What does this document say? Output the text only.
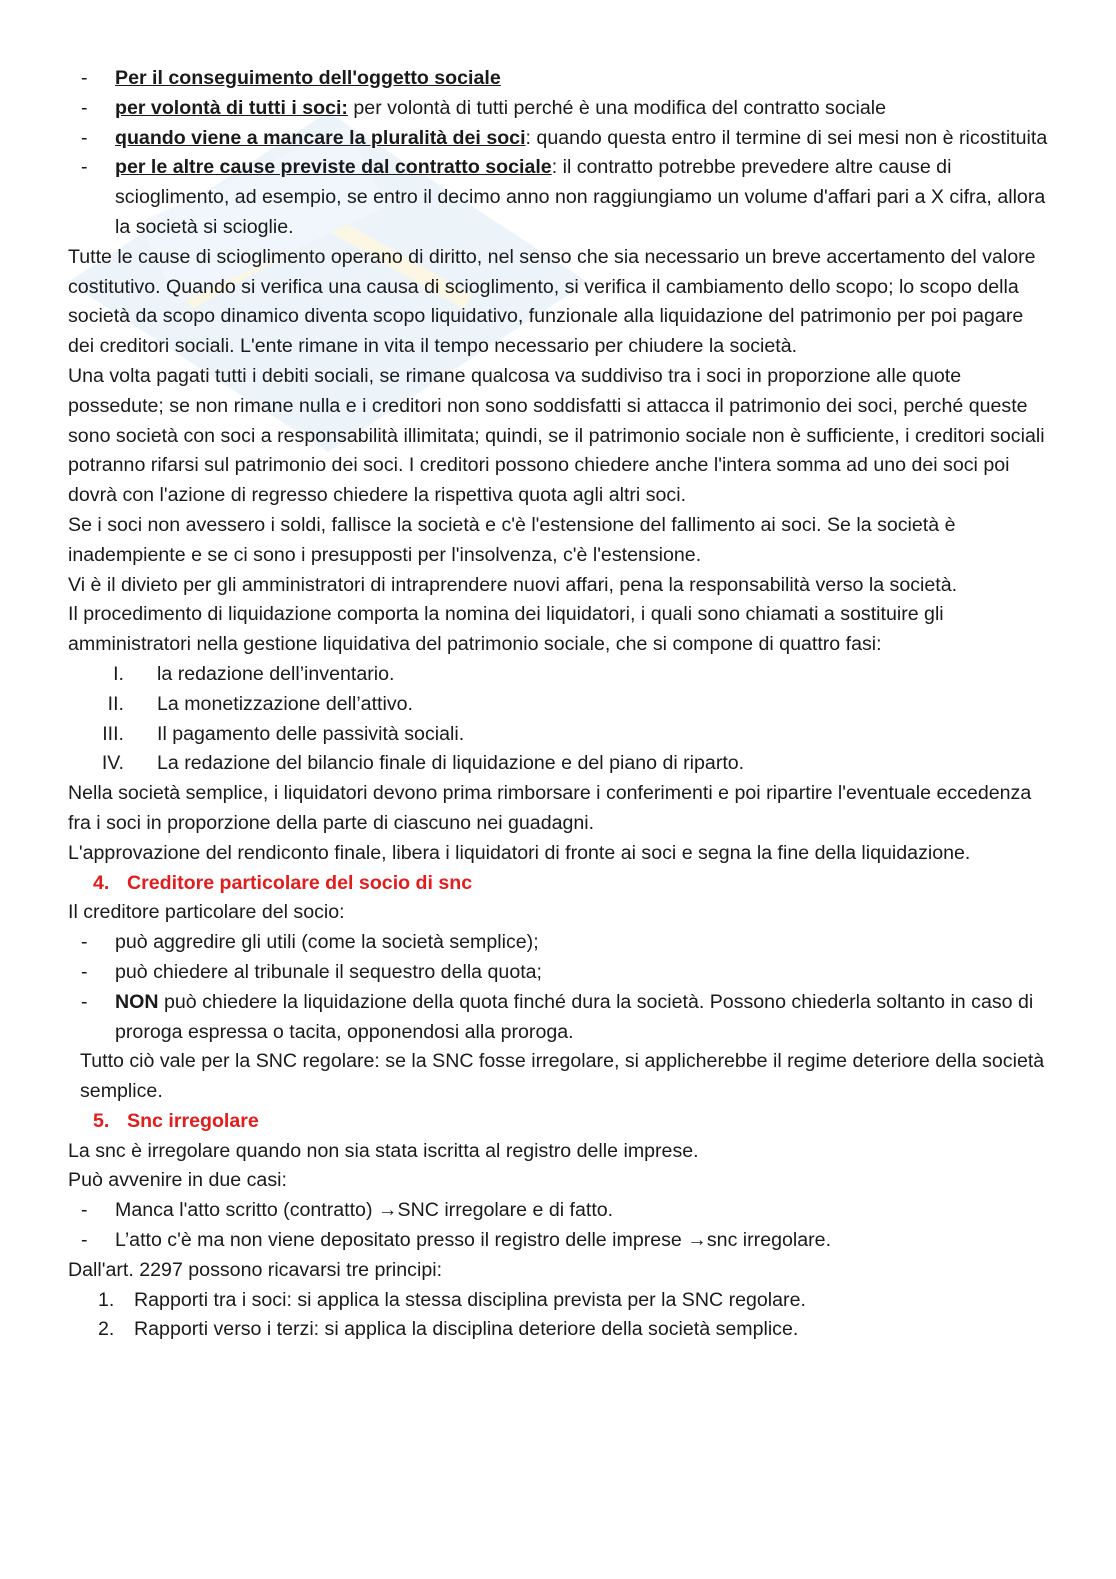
-	Per il conseguimento dell'oggetto sociale
-	per volontà di tutti i soci: per volontà di tutti perché è una modifica del contratto sociale
-	quando viene a mancare la pluralità dei soci: quando questa entro il termine di sei mesi non è ricostituita
-	per le altre cause previste dal contratto sociale: il contratto potrebbe prevedere altre cause di scioglimento, ad esempio, se entro il decimo anno non raggiungiamo un volume d'affari pari a X cifra, allora la società si scioglie.

Tutte le cause di scioglimento operano di diritto, nel senso che sia necessario un breve accertamento del valore costitutivo. Quando si verifica una causa di scioglimento, si verifica il cambiamento dello scopo; lo scopo della società da scopo dinamico diventa scopo liquidativo, funzionale alla liquidazione del patrimonio per poi pagare dei creditori sociali. L'ente rimane in vita il tempo necessario per chiudere la società.

Una volta pagati tutti i debiti sociali, se rimane qualcosa va suddiviso tra i soci in proporzione alle quote possedute; se non rimane nulla e i creditori non sono soddisfatti si attacca il patrimonio dei soci, perché queste sono società con soci a responsabilità illimitata; quindi, se il patrimonio sociale non è sufficiente, i creditori sociali potranno rifarsi sul patrimonio dei soci. I creditori possono chiedere anche l'intera somma ad uno dei soci poi dovrà con l'azione di regresso chiedere la rispettiva quota agli altri soci.

Se i soci non avessero i soldi, fallisce la società e c'è l'estensione del fallimento ai soci. Se la società è inadempiente e se ci sono i presupposti per l'insolvenza, c'è l'estensione.

Vi è il divieto per gli amministratori di intraprendere nuovi affari, pena la responsabilità verso la società.

Il procedimento di liquidazione comporta la nomina dei liquidatori, i quali sono chiamati a sostituire gli amministratori nella gestione liquidativa del patrimonio sociale, che si compone di quattro fasi:

I.	la redazione dell’inventario.
II.	La monetizzazione dell’attivo.
III.	Il pagamento delle passività sociali.
IV.	La redazione del bilancio finale di liquidazione e del piano di riparto.

Nella società semplice, i liquidatori devono prima rimborsare i conferimenti e poi ripartire l'eventuale eccedenza fra i soci in proporzione della parte di ciascuno nei guadagni.

L'approvazione del rendiconto finale, libera i liquidatori di fronte ai soci e segna la fine della liquidazione.

4. Creditore particolare del socio di snc

Il creditore particolare del socio:

-	può aggredire gli utili (come la società semplice);
-	può chiedere al tribunale il sequestro della quota;
-	NON può chiedere la liquidazione della quota finché dura la società. Possono chiederla soltanto in caso di proroga espressa o tacita, opponendosi alla proroga.

Tutto ciò vale per la SNC regolare: se la SNC fosse irregolare, si applicherebbe il regime deteriore della società semplice.

5. Snc irregolare

La snc è irregolare quando non sia stata iscritta al registro delle imprese.

Può avvenire in due casi:

-	Manca l'atto scritto (contratto) →SNC irregolare e di fatto.
-	L’atto c'è ma non viene depositato presso il registro delle imprese →snc irregolare.

Dall'art. 2297 possono ricavarsi tre principi:

1.	Rapporti tra i soci: si applica la stessa disciplina prevista per la SNC regolare.
2.	Rapporti verso i terzi: si applica la disciplina deteriore della società semplice.
